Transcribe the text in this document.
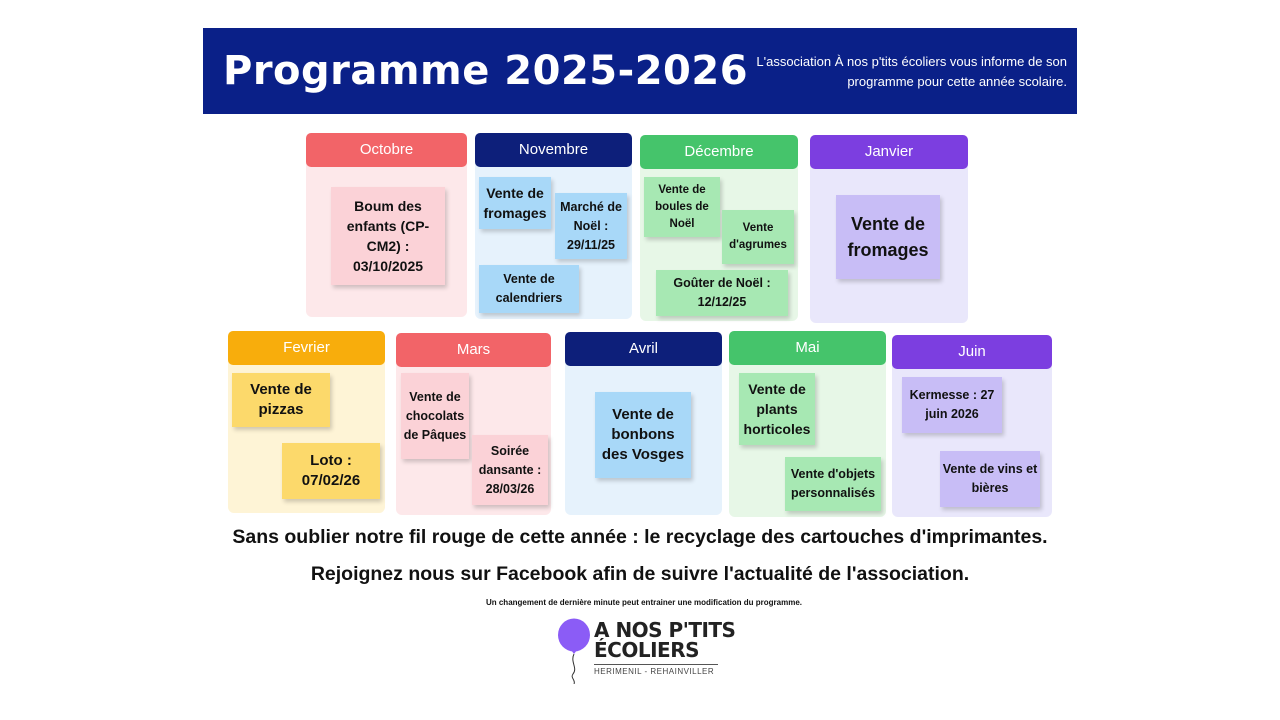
Programme 2025-2026 L'association À nos p'tits écoliers vous informe de son programme pour cette année scolaire.
Octobre
Boum des enfants (CP-CM2) : 03/10/2025
Novembre
Vente de fromages	Marché de Noël : 29/11/25
Vente de calendriers
Décembre
Vente de boules de Noël	Vente d'agrumes
Goûter de Noël : 12/12/25
Janvier
Vente de fromages
Fevrier
Vente de pizzas
Loto : 07/02/26
Mars
Vente de chocolats de Pâques
Soirée dansante : 28/03/26
Avril
Vente de bonbons des Vosges
Mai
Vente de plants horticoles
Vente d'objets personnalisés
Juin
Kermesse : 27 juin 2026
Vente de vins et bières
Sans oublier notre fil rouge de cette année : le recyclage des cartouches d'imprimantes.
Rejoignez nous sur Facebook afin de suivre l'actualité de l'association.
Un changement de dernière minute peut entrainer une modification du programme.
A NOS P'TITS
ÉCOLIERS
HERIMENIL - REHAINVILLER
